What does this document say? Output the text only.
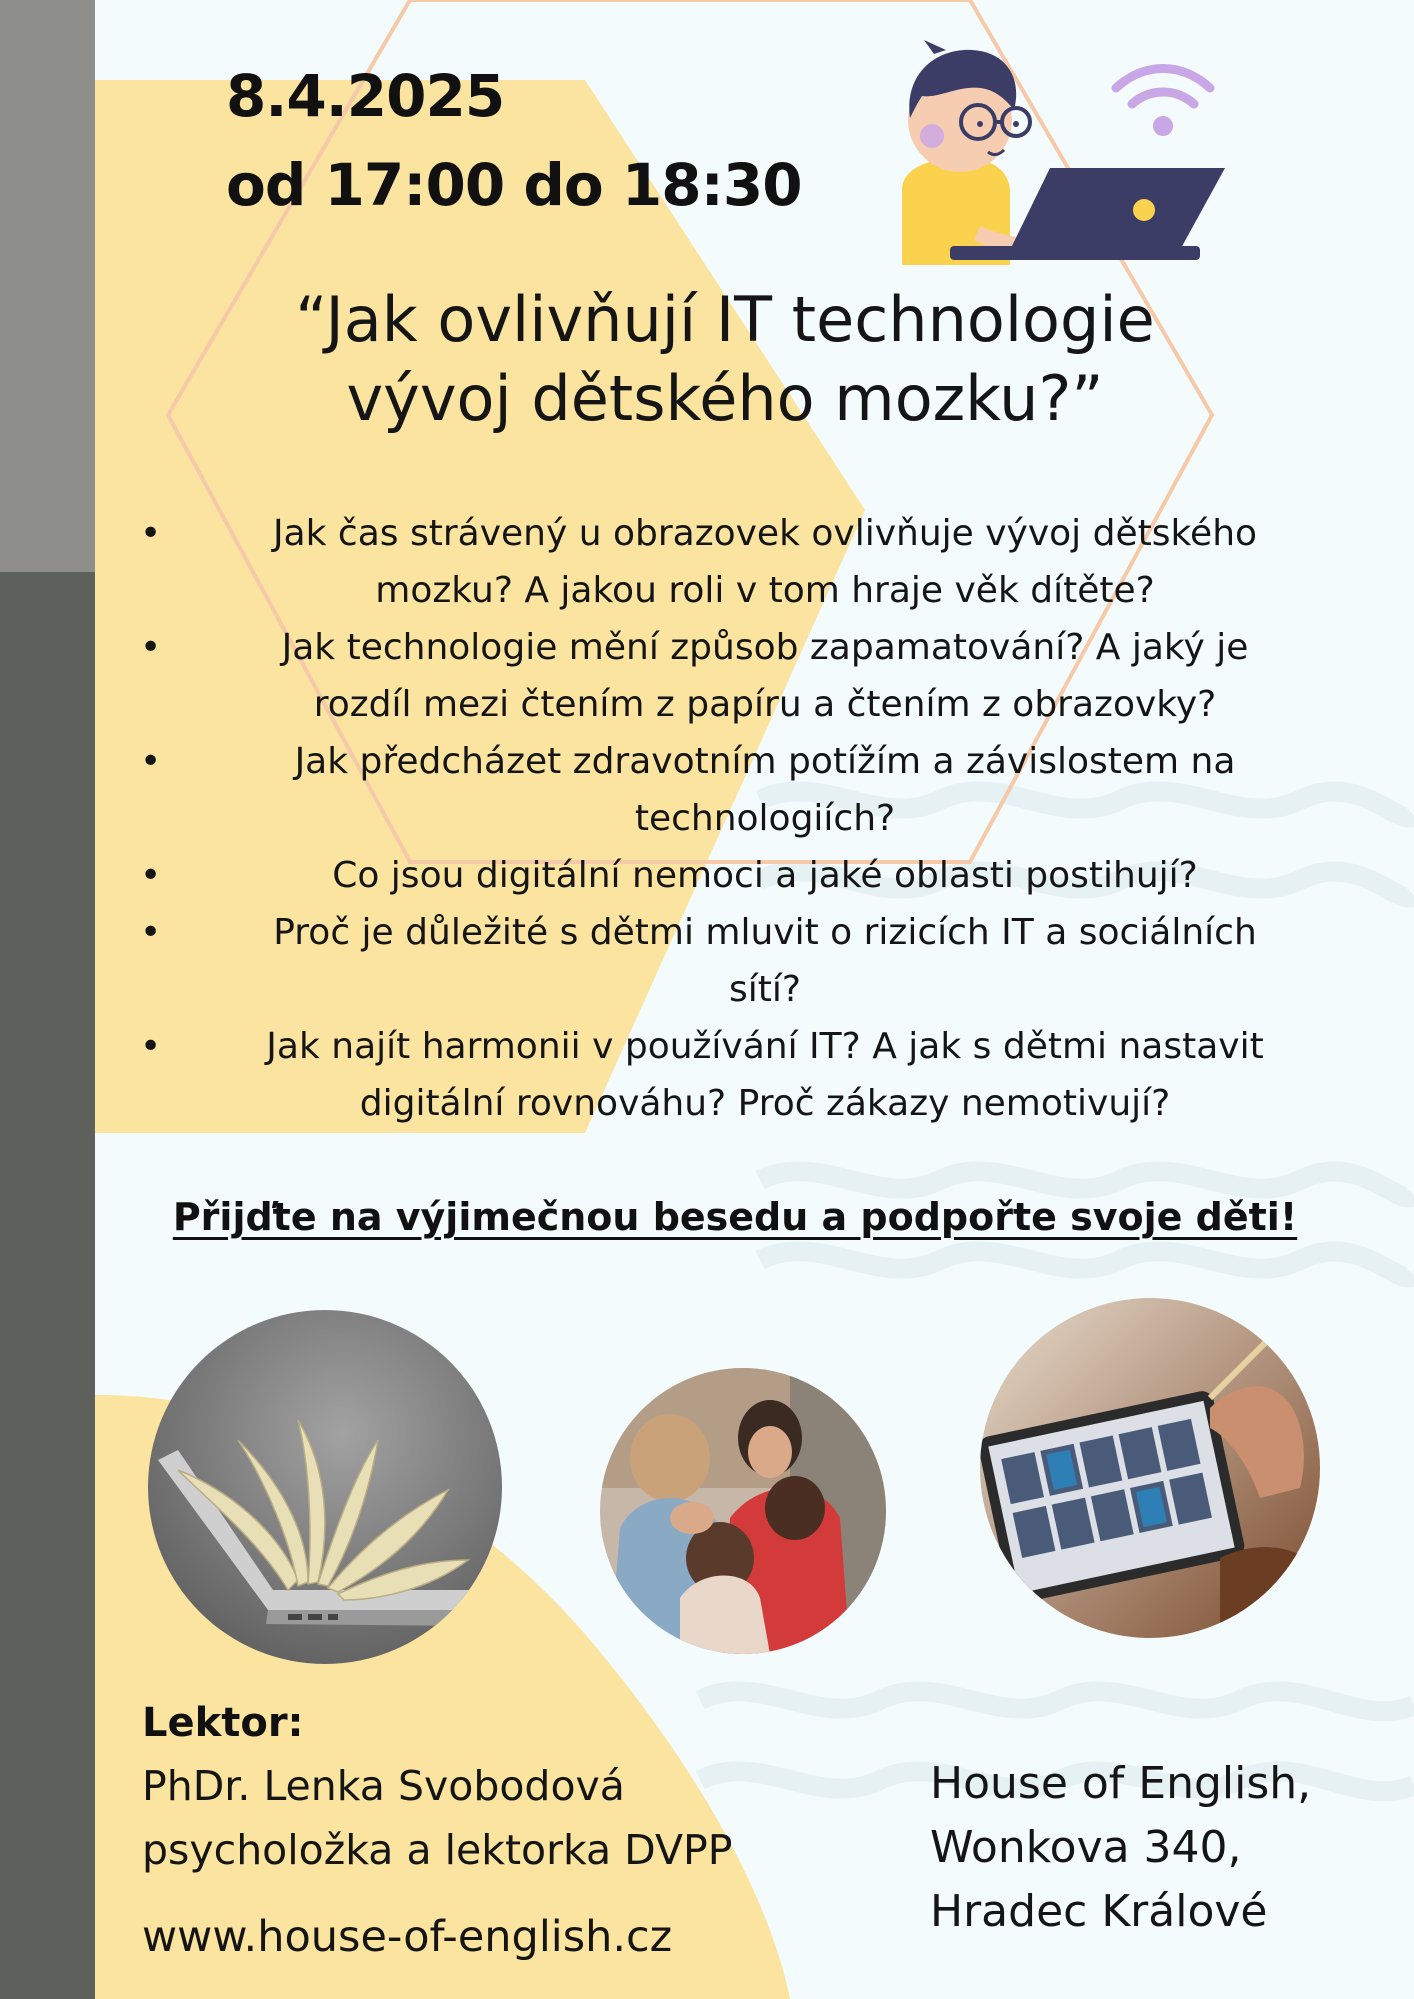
8.4.2025
od 17:00 do 18:30
“Jak ovlivňují IT technologie
vývoj dětského mozku?”
•	Jak čas strávený u obrazovek ovlivňuje vývoj dětského
mozku? A jakou roli v tom hraje věk dítěte?
•	Jak technologie mění způsob zapamatování? A jaký je
rozdíl mezi čtením z papíru a čtením z obrazovky?
•	Jak předcházet zdravotním potížím a závislostem na
technologiích?
•	Co jsou digitální nemoci a jaké oblasti postihují?
•	Proč je důležité s dětmi mluvit o rizicích IT a sociálních
sítí?
•	Jak najít harmonii v používání IT? A jak s dětmi nastavit
digitální rovnováhu? Proč zákazy nemotivují?
Přijďte na výjimečnou besedu a podpořte svoje děti!
Lektor:
PhDr. Lenka Svobodová
psycholožka a lektorka DVPP
www.house-of-english.cz
House of English,
Wonkova 340,
Hradec Králové
